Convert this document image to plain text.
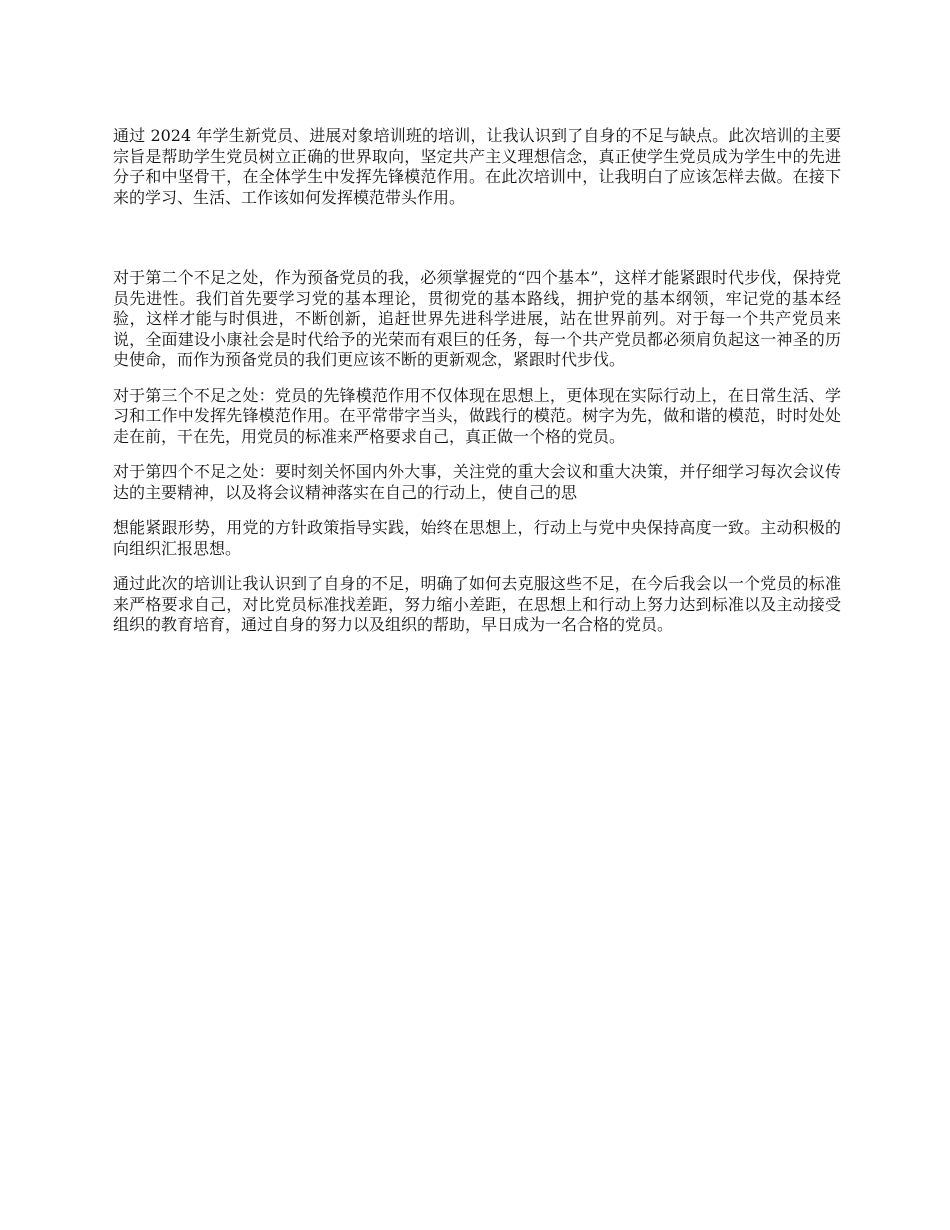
通过 2024 年学生新党员、进展对象培训班的培训，让我认识到了自身的不足与缺点。此次培训的主要宗旨是帮助学生党员树立正确的世界取向，坚定共产主义理想信念，真正使学生党员成为学生中的先进分子和中坚骨干，在全体学生中发挥先锋模范作用。在此次培训中，让我明白了应该怎样去做。在接下来的学习、生活、工作该如何发挥模范带头作用。

对于第二个不足之处，作为预备党员的我，必须掌握党的“四个基本”，这样才能紧跟时代步伐，保持党员先进性。我们首先要学习党的基本理论，贯彻党的基本路线，拥护党的基本纲领，牢记党的基本经验，这样才能与时俱进，不断创新，追赶世界先进科学进展，站在世界前列。对于每一个共产党员来说，全面建设小康社会是时代给予的光荣而有艰巨的任务，每一个共产党员都必须肩负起这一神圣的历史使命，而作为预备党员的我们更应该不断的更新观念，紧跟时代步伐。

对于第三个不足之处：党员的先锋模范作用不仅体现在思想上，更体现在实际行动上，在日常生活、学习和工作中发挥先锋模范作用。在平常带字当头，做践行的模范。树字为先，做和谐的模范，时时处处走在前，干在先，用党员的标准来严格要求自己，真正做一个格的党员。

对于第四个不足之处：要时刻关怀国内外大事，关注党的重大会议和重大决策，并仔细学习每次会议传达的主要精神，以及将会议精神落实在自己的行动上，使自己的思

想能紧跟形势，用党的方针政策指导实践，始终在思想上，行动上与党中央保持高度一致。主动积极的向组织汇报思想。

通过此次的培训让我认识到了自身的不足，明确了如何去克服这些不足，在今后我会以一个党员的标准来严格要求自己，对比党员标准找差距，努力缩小差距，在思想上和行动上努力达到标准以及主动接受组织的教育培育，通过自身的努力以及组织的帮助，早日成为一名合格的党员。
